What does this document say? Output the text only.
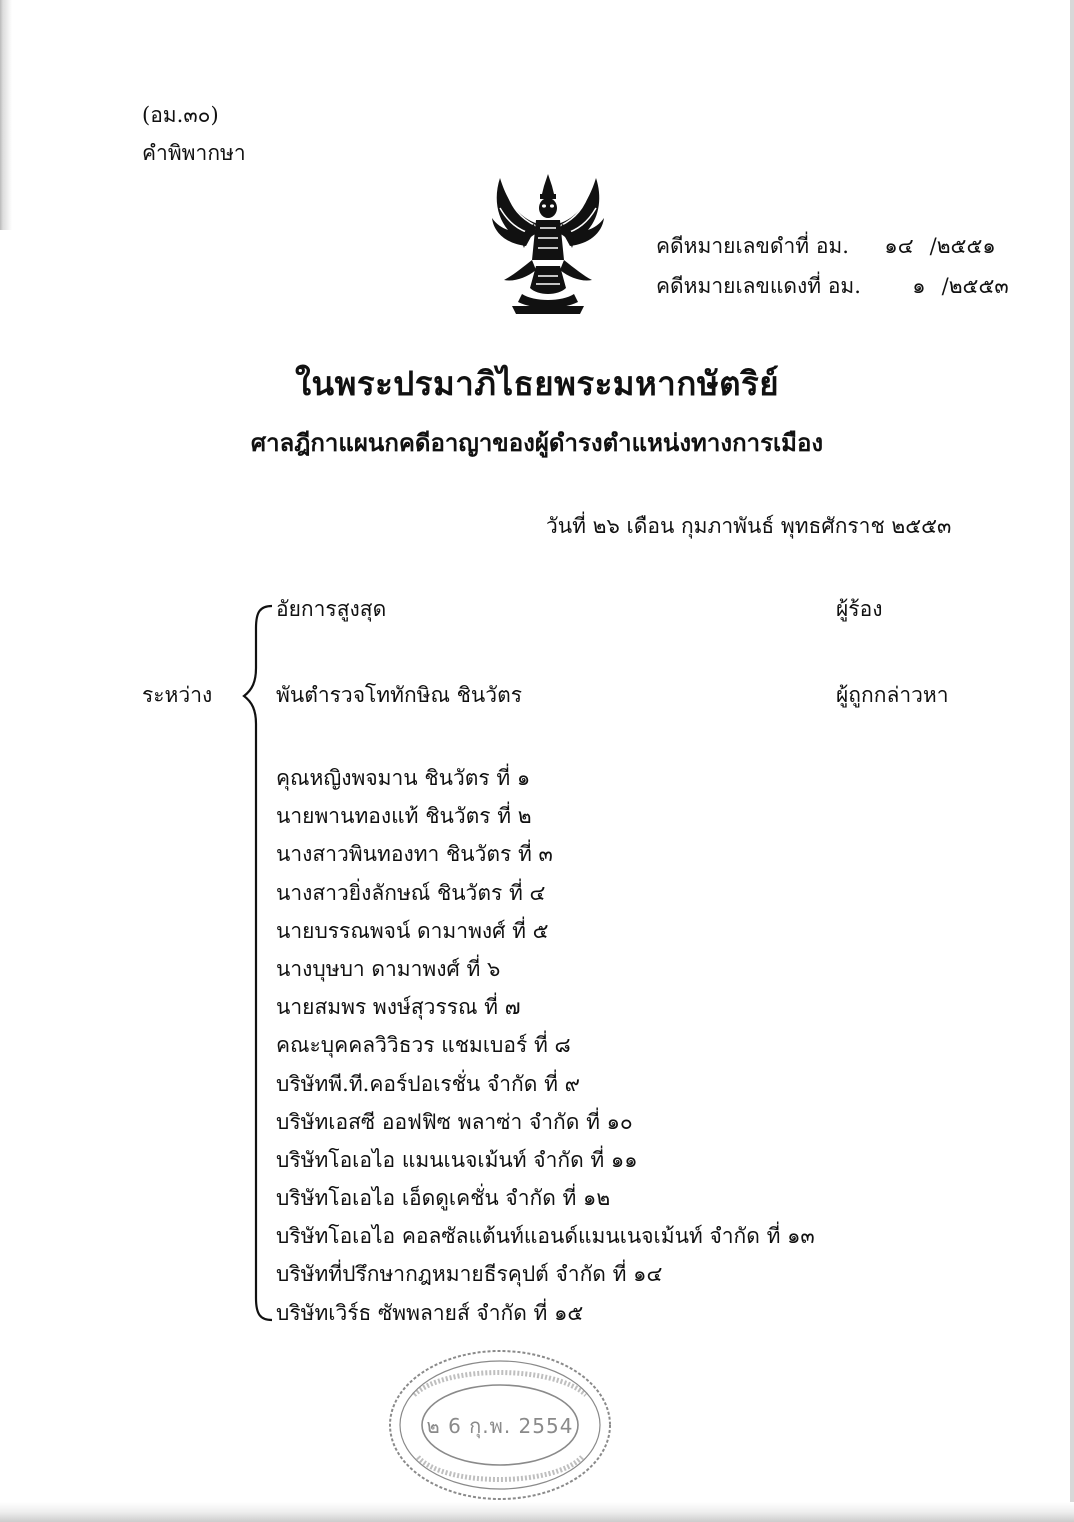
(อม.๓๐)
คำพิพากษา
คดีหมายเลขดำที่ อม. ๑๔ /๒๕๕๑
คดีหมายเลขแดงที่ อม. ๑ /๒๕๕๓
ในพระปรมาภิไธยพระมหากษัตริย์
ศาลฎีกาแผนกคดีอาญาของผู้ดำรงตำแหน่งทางการเมือง
วันที่ ๒๖ เดือน กุมภาพันธ์ พุทธศักราช ๒๕๕๓
ระหว่าง
อัยการสูงสุด	ผู้ร้อง
พันตำรวจโททักษิณ ชินวัตร	ผู้ถูกกล่าวหา
คุณหญิงพจมาน ชินวัตร ที่ ๑
นายพานทองแท้ ชินวัตร ที่ ๒
นางสาวพินทองทา ชินวัตร ที่ ๓
นางสาวยิ่งลักษณ์ ชินวัตร ที่ ๔
นายบรรณพจน์ ดามาพงศ์ ที่ ๕
นางบุษบา ดามาพงศ์ ที่ ๖
นายสมพร พงษ์สุวรรณ ที่ ๗
คณะบุคคลวิวิธวร แชมเบอร์ ที่ ๘
บริษัทพี.ที.คอร์ปอเรชั่น จำกัด ที่ ๙
บริษัทเอสซี ออฟฟิซ พลาซ่า จำกัด ที่ ๑๐
บริษัทโอเอไอ แมนเนจเม้นท์ จำกัด ที่ ๑๑
บริษัทโอเอไอ เอ็ดดูเคชั่น จำกัด ที่ ๑๒
บริษัทโอเอไอ คอลซัลแต้นท์แอนด์แมนเนจเม้นท์ จำกัด ที่ ๑๓
บริษัทที่ปรึกษากฎหมายธีรคุปต์ จำกัด ที่ ๑๔
บริษัทเวิร์ธ ซัพพลายส์ จำกัด ที่ ๑๕
๒ 6 กุ.พ. 2554
